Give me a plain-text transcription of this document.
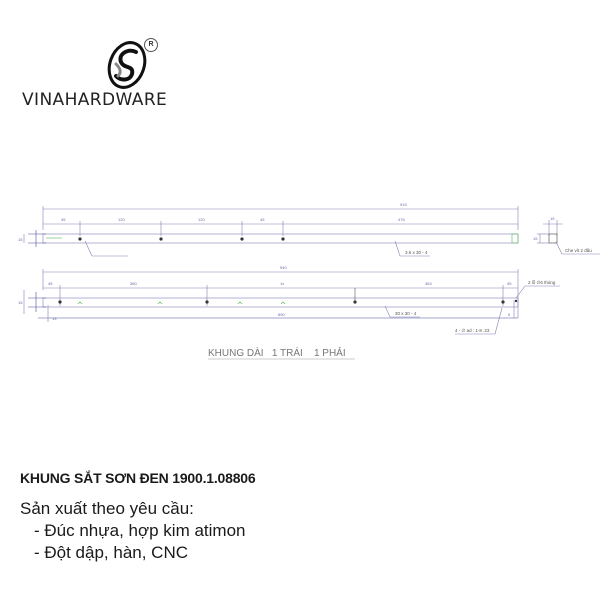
R
VINAHARDWARE
915
45	120	120	45	476
3.6 x 30 - 4
15
15
15
Che vít 2 đầu
940
45	360	1x	363	45
890	30 x 30 - 4
4 - ∅ ad : 1-8 .23
2 lỗ ∅6 thủng
5
15
13
KHUNG DÀI   1 TRÁI    1 PHẢI

KHUNG SẮT SƠN ĐEN 1900.1.08806

Sản xuất theo yêu cầu:

- Đúc nhựa, hợp kim atimon

- Đột dập, hàn, CNC
